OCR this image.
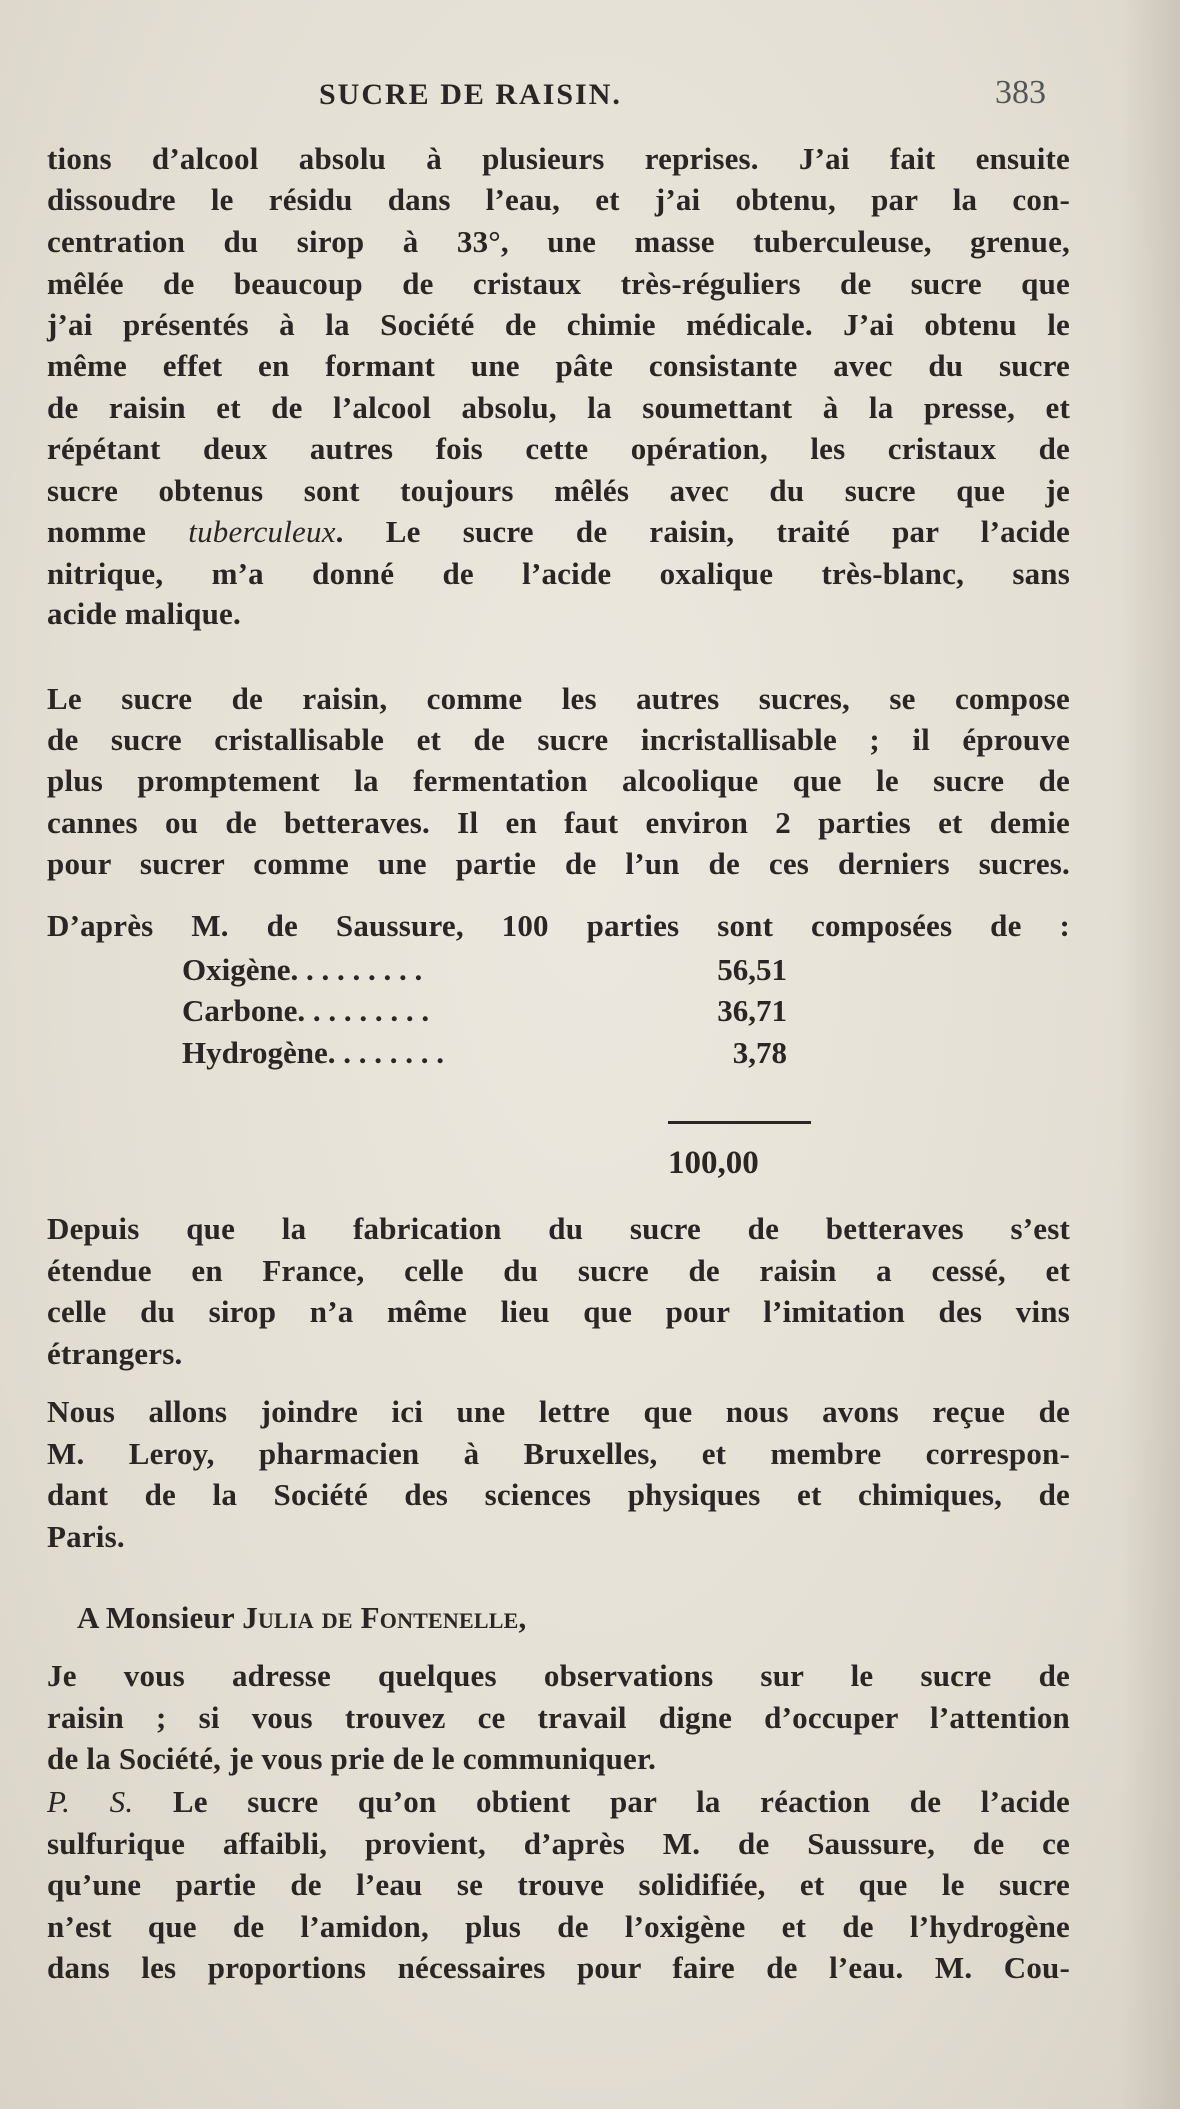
SUCRE DE RAISIN.	383
tions d’alcool absolu à plusieurs reprises. J’ai fait ensuite
dissoudre le résidu dans l’eau, et j’ai obtenu, par la con-
centration du sirop à 33°, une masse tuberculeuse, grenue,
mêlée de beaucoup de cristaux très-réguliers de sucre que
j’ai présentés à la Société de chimie médicale. J’ai obtenu le
même effet en formant une pâte consistante avec du sucre
de raisin et de l’alcool absolu, la soumettant à la presse, et
répétant deux autres fois cette opération, les cristaux de
sucre obtenus sont toujours mêlés avec du sucre que je
nomme tuberculeux. Le sucre de raisin, traité par l’acide
nitrique, m’a donné de l’acide oxalique très-blanc, sans
acide malique.
Le sucre de raisin, comme les autres sucres, se compose
de sucre cristallisable et de sucre incristallisable ; il éprouve
plus promptement la fermentation alcoolique que le sucre de
cannes ou de betteraves. Il en faut environ 2 parties et demie
pour sucrer comme une partie de l’un de ces derniers sucres.
D’après M. de Saussure, 100 parties sont composées de :
Oxigène. . . . . . . . .	56,51
Carbone. . . . . . . . .	36,71
Hydrogène. . . . . . . .	3,78
100,00
Depuis que la fabrication du sucre de betteraves s’est
étendue en France, celle du sucre de raisin a cessé, et
celle du sirop n’a même lieu que pour l’imitation des vins
étrangers.
Nous allons joindre ici une lettre que nous avons reçue de
M. Leroy, pharmacien à Bruxelles, et membre correspon-
dant de la Société des sciences physiques et chimiques, de
Paris.
A Monsieur Julia de Fontenelle,
Je vous adresse quelques observations sur le sucre de
raisin ; si vous trouvez ce travail digne d’occuper l’attention
de la Société, je vous prie de le communiquer.
P. S. Le sucre qu’on obtient par la réaction de l’acide
sulfurique affaibli, provient, d’après M. de Saussure, de ce
qu’une partie de l’eau se trouve solidifiée, et que le sucre
n’est que de l’amidon, plus de l’oxigène et de l’hydrogène
dans les proportions nécessaires pour faire de l’eau. M. Cou-
